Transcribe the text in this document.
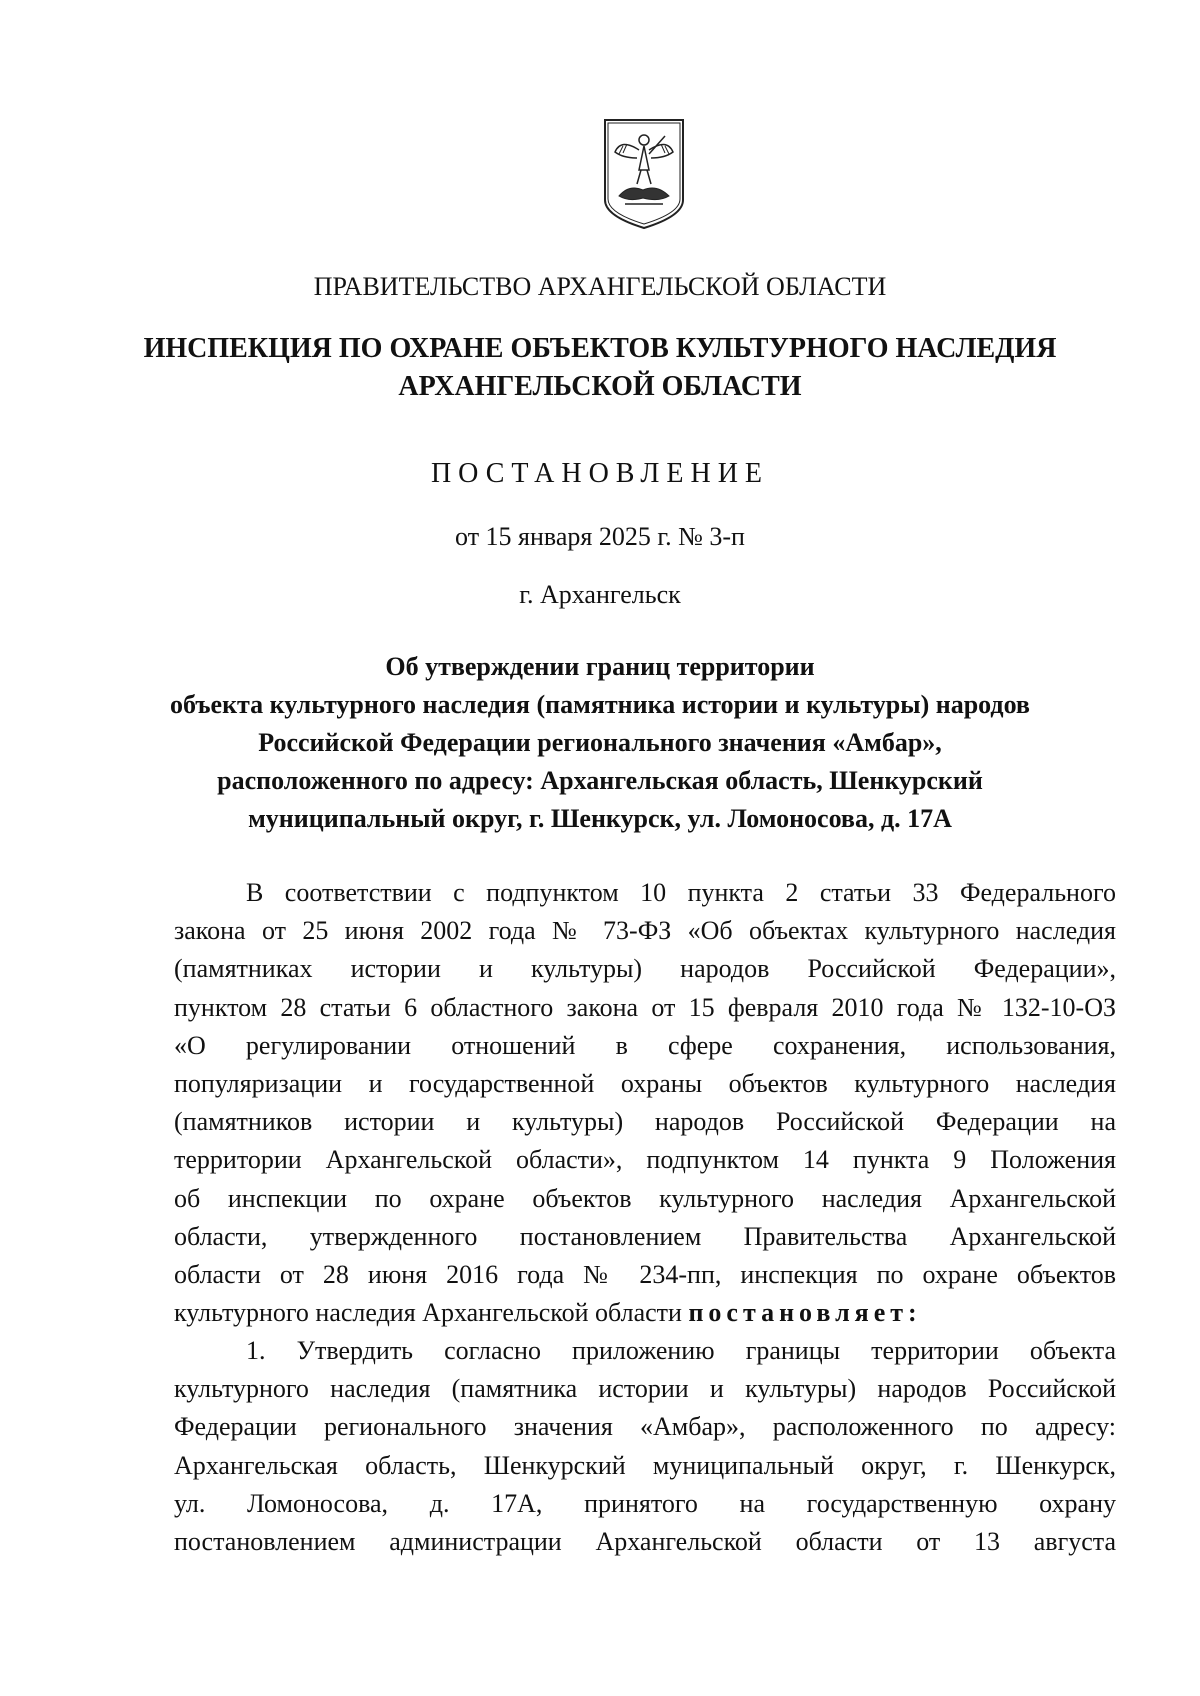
ПРАВИТЕЛЬСТВО АРХАНГЕЛЬСКОЙ ОБЛАСТИ
ИНСПЕКЦИЯ ПО ОХРАНЕ ОБЪЕКТОВ КУЛЬТУРНОГО НАСЛЕДИЯ
АРХАНГЕЛЬСКОЙ ОБЛАСТИ
ПОСТАНОВЛЕНИЕ
от 15 января 2025 г. № 3-п
г. Архангельск
Об утверждении границ территории
объекта культурного наследия (памятника истории и культуры) народов
Российской Федерации регионального значения «Амбар»,
расположенного по адресу: Архангельская область, Шенкурский
муниципальный округ, г. Шенкурск, ул. Ломоносова, д. 17А
В соответствии с подпунктом 10 пункта 2 статьи 33 Федерального
закона от 25 июня 2002 года № 73-ФЗ «Об объектах культурного наследия
(памятниках истории и культуры) народов Российской Федерации»,
пунктом 28 статьи 6 областного закона от 15 февраля 2010 года № 132-10-ОЗ
«О регулировании отношений в сфере сохранения, использования,
популяризации и государственной охраны объектов культурного наследия
(памятников истории и культуры) народов Российской Федерации на
территории Архангельской области», подпунктом 14 пункта 9 Положения
об инспекции по охране объектов культурного наследия Архангельской
области, утвержденного постановлением Правительства Архангельской
области от 28 июня 2016 года № 234-пп, инспекция по охране объектов
культурного наследия Архангельской области постановляет:
1. Утвердить согласно приложению границы территории объекта
культурного наследия (памятника истории и культуры) народов Российской
Федерации регионального значения «Амбар», расположенного по адресу:
Архангельская область, Шенкурский муниципальный округ, г. Шенкурск,
ул. Ломоносова, д. 17А, принятого на государственную охрану
постановлением администрации Архангельской области от 13 августа
